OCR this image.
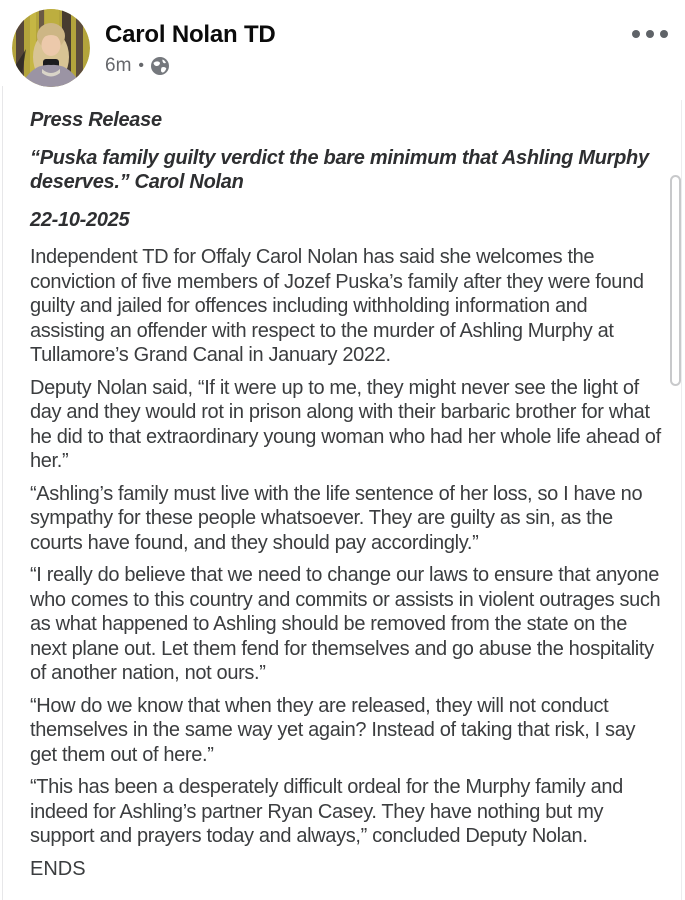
Carol Nolan TD
6m •

Press Release

“Puska family guilty verdict the bare minimum that Ashling Murphy deserves.” Carol Nolan

22-10-2025

Independent TD for Offaly Carol Nolan has said she welcomes the conviction of five members of Jozef Puska’s family after they were found guilty and jailed for offences including withholding information and assisting an offender with respect to the murder of Ashling Murphy at Tullamore’s Grand Canal in January 2022.

Deputy Nolan said, “If it were up to me, they might never see the light of day and they would rot in prison along with their barbaric brother for what he did to that extraordinary young woman who had her whole life ahead of her.”

“Ashling’s family must live with the life sentence of her loss, so I have no sympathy for these people whatsoever. They are guilty as sin, as the courts have found, and they should pay accordingly.”

“I really do believe that we need to change our laws to ensure that anyone who comes to this country and commits or assists in violent outrages such as what happened to Ashling should be removed from the state on the next plane out. Let them fend for themselves and go abuse the hospitality of another nation, not ours.”

“How do we know that when they are released, they will not conduct themselves in the same way yet again? Instead of taking that risk, I say get them out of here.”

“This has been a desperately difficult ordeal for the Murphy family and indeed for Ashling’s partner Ryan Casey. They have nothing but my support and prayers today and always,” concluded Deputy Nolan.

ENDS
